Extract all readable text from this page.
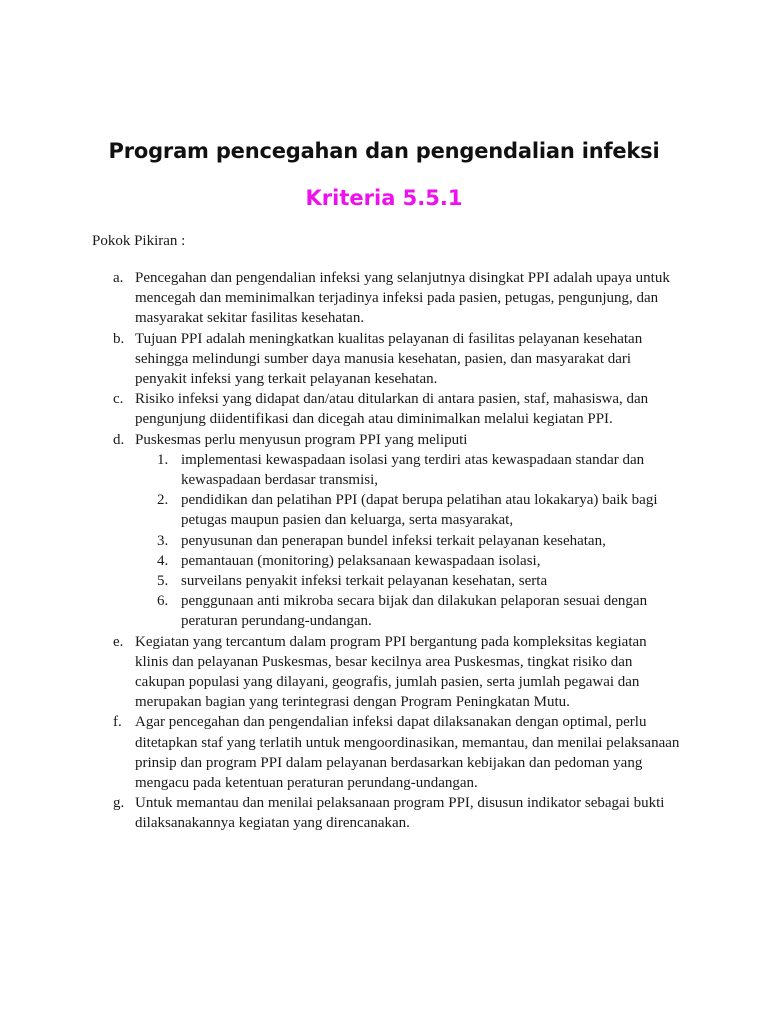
Program pencegahan dan pengendalian infeksi
Kriteria 5.5.1
Pokok Pikiran :
a. Pencegahan dan pengendalian infeksi yang selanjutnya disingkat PPI adalah upaya untuk mencegah dan meminimalkan terjadinya infeksi pada pasien, petugas, pengunjung, dan masyarakat sekitar fasilitas kesehatan.
b. Tujuan PPI adalah meningkatkan kualitas pelayanan di fasilitas pelayanan kesehatan sehingga melindungi sumber daya manusia kesehatan, pasien, dan masyarakat dari penyakit infeksi yang terkait pelayanan kesehatan.
c. Risiko infeksi yang didapat dan/atau ditularkan di antara pasien, staf, mahasiswa, dan pengunjung diidentifikasi dan dicegah atau diminimalkan melalui kegiatan PPI.
d. Puskesmas perlu menyusun program PPI yang meliputi
1. implementasi kewaspadaan isolasi yang terdiri atas kewaspadaan standar dan kewaspadaan berdasar transmisi,
2. pendidikan dan pelatihan PPI (dapat berupa pelatihan atau lokakarya) baik bagi petugas maupun pasien dan keluarga, serta masyarakat,
3. penyusunan dan penerapan bundel infeksi terkait pelayanan kesehatan,
4. pemantauan (monitoring) pelaksanaan kewaspadaan isolasi,
5. surveilans penyakit infeksi terkait pelayanan kesehatan, serta
6. penggunaan anti mikroba secara bijak dan dilakukan pelaporan sesuai dengan peraturan perundang-undangan.
e. Kegiatan yang tercantum dalam program PPI bergantung pada kompleksitas kegiatan klinis dan pelayanan Puskesmas, besar kecilnya area Puskesmas, tingkat risiko dan cakupan populasi yang dilayani, geografis, jumlah pasien, serta jumlah pegawai dan merupakan bagian yang terintegrasi dengan Program Peningkatan Mutu.
f. Agar pencegahan dan pengendalian infeksi dapat dilaksanakan dengan optimal, perlu ditetapkan staf yang terlatih untuk mengoordinasikan, memantau, dan menilai pelaksanaan prinsip dan program PPI dalam pelayanan berdasarkan kebijakan dan pedoman yang mengacu pada ketentuan peraturan perundang-undangan.
g. Untuk memantau dan menilai pelaksanaan program PPI, disusun indikator sebagai bukti dilaksanakannya kegiatan yang direncanakan.
